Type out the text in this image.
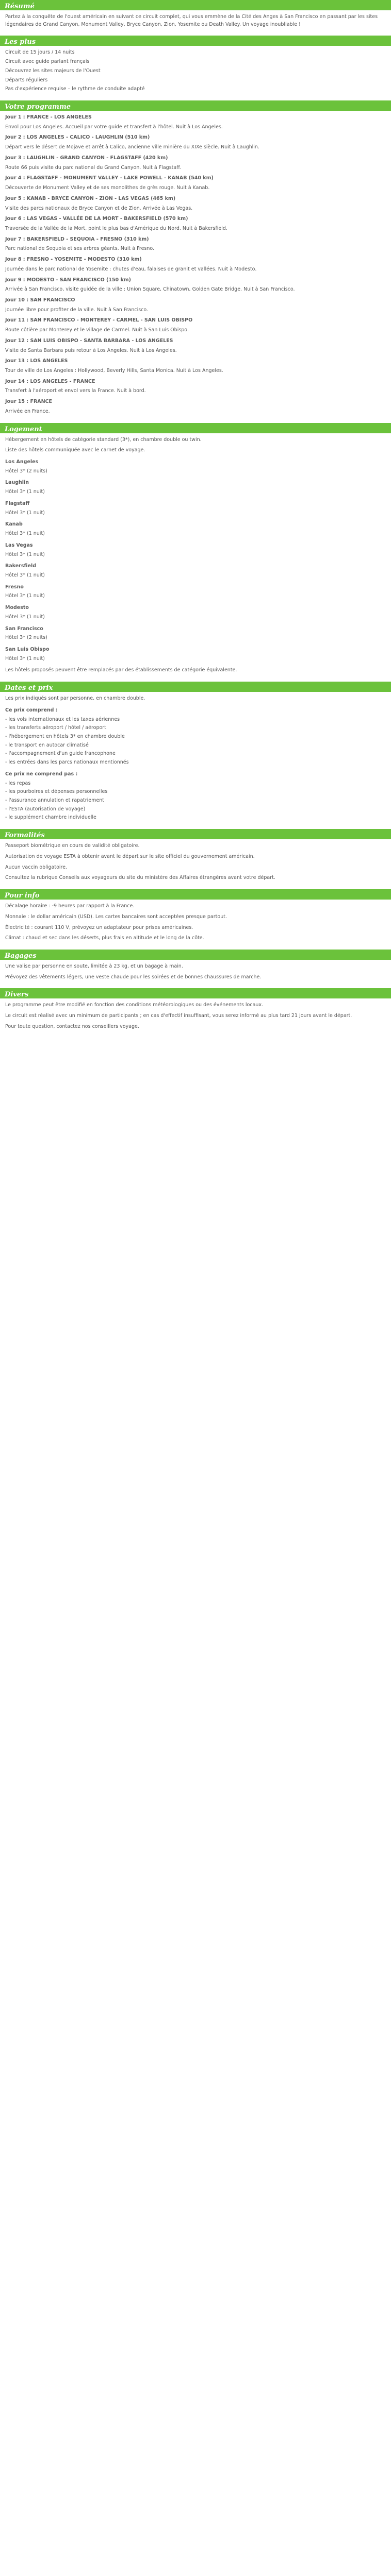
Résumé

Partez à la conquête de l'ouest américain en suivant ce circuit complet, qui vous emmène de la Cité des Anges à San Francisco en passant par les sites légendaires de Grand Canyon, Monument Valley, Bryce Canyon, Zion, Yosemite ou Death Valley. Un voyage inoubliable !

Les plus

Circuit de 15 jours / 14 nuits

Circuit avec guide parlant français

Découvrez les sites majeurs de l'Ouest

Départs réguliers

Pas d'expérience requise – le rythme de conduite adapté

Votre programme

Jour 1 : FRANCE - LOS ANGELES

Envol pour Los Angeles. Accueil par votre guide et transfert à l'hôtel. Nuit à Los Angeles.

Jour 2 : LOS ANGELES - CALICO - LAUGHLIN (510 km)

Départ vers le désert de Mojave et arrêt à Calico, ancienne ville minière du XIXe siècle. Nuit à Laughlin.

Jour 3 : LAUGHLIN - GRAND CANYON - FLAGSTAFF (420 km)

Route 66 puis visite du parc national du Grand Canyon. Nuit à Flagstaff.

Jour 4 : FLAGSTAFF - MONUMENT VALLEY - LAKE POWELL - KANAB (540 km)

Découverte de Monument Valley et de ses monolithes de grès rouge. Nuit à Kanab.

Jour 5 : KANAB - BRYCE CANYON - ZION - LAS VEGAS (465 km)

Visite des parcs nationaux de Bryce Canyon et de Zion. Arrivée à Las Vegas.

Jour 6 : LAS VEGAS - VALLÉE DE LA MORT - BAKERSFIELD (570 km)

Traversée de la Vallée de la Mort, point le plus bas d'Amérique du Nord. Nuit à Bakersfield.

Jour 7 : BAKERSFIELD - SEQUOIA - FRESNO (310 km)

Parc national de Sequoia et ses arbres géants. Nuit à Fresno.

Jour 8 : FRESNO - YOSEMITE - MODESTO (310 km)

Journée dans le parc national de Yosemite : chutes d'eau, falaises de granit et vallées. Nuit à Modesto.

Jour 9 : MODESTO - SAN FRANCISCO (150 km)

Arrivée à San Francisco, visite guidée de la ville : Union Square, Chinatown, Golden Gate Bridge. Nuit à San Francisco.

Jour 10 : SAN FRANCISCO

Journée libre pour profiter de la ville. Nuit à San Francisco.

Jour 11 : SAN FRANCISCO - MONTEREY - CARMEL - SAN LUIS OBISPO

Route côtière par Monterey et le village de Carmel. Nuit à San Luis Obispo.

Jour 12 : SAN LUIS OBISPO - SANTA BARBARA - LOS ANGELES

Visite de Santa Barbara puis retour à Los Angeles. Nuit à Los Angeles.

Jour 13 : LOS ANGELES

Tour de ville de Los Angeles : Hollywood, Beverly Hills, Santa Monica. Nuit à Los Angeles.

Jour 14 : LOS ANGELES - FRANCE

Transfert à l'aéroport et envol vers la France. Nuit à bord.

Jour 15 : FRANCE

Arrivée en France.

Logement

Hébergement en hôtels de catégorie standard (3*), en chambre double ou twin.

Liste des hôtels communiquée avec le carnet de voyage.

Los Angeles

Hôtel 3* (2 nuits)

Laughlin

Hôtel 3* (1 nuit)

Flagstaff

Hôtel 3* (1 nuit)

Kanab

Hôtel 3* (1 nuit)

Las Vegas

Hôtel 3* (1 nuit)

Bakersfield

Hôtel 3* (1 nuit)

Fresno

Hôtel 3* (1 nuit)

Modesto

Hôtel 3* (1 nuit)

San Francisco

Hôtel 3* (2 nuits)

San Luis Obispo

Hôtel 3* (1 nuit)

Les hôtels proposés peuvent être remplacés par des établissements de catégorie équivalente.

Dates et prix

Les prix indiqués sont par personne, en chambre double.

Ce prix comprend :

- les vols internationaux et les taxes aériennes
- les transferts aéroport / hôtel / aéroport
- l'hébergement en hôtels 3* en chambre double
- le transport en autocar climatisé
- l'accompagnement d'un guide francophone
- les entrées dans les parcs nationaux mentionnés

Ce prix ne comprend pas :

- les repas
- les pourboires et dépenses personnelles
- l'assurance annulation et rapatriement
- l'ESTA (autorisation de voyage)
- le supplément chambre individuelle
Formalités

Passeport biométrique en cours de validité obligatoire.

Autorisation de voyage ESTA à obtenir avant le départ sur le site officiel du gouvernement américain.

Aucun vaccin obligatoire.

Consultez la rubrique Conseils aux voyageurs du site du ministère des Affaires étrangères avant votre départ.

Pour info

Décalage horaire : -9 heures par rapport à la France.

Monnaie : le dollar américain (USD). Les cartes bancaires sont acceptées presque partout.

Électricité : courant 110 V, prévoyez un adaptateur pour prises américaines.

Climat : chaud et sec dans les déserts, plus frais en altitude et le long de la côte.

Bagages

Une valise par personne en soute, limitée à 23 kg, et un bagage à main.

Prévoyez des vêtements légers, une veste chaude pour les soirées et de bonnes chaussures de marche.

Divers

Le programme peut être modifié en fonction des conditions météorologiques ou des événements locaux.

Le circuit est réalisé avec un minimum de participants ; en cas d'effectif insuffisant, vous serez informé au plus tard 21 jours avant le départ.

Pour toute question, contactez nos conseillers voyage.
